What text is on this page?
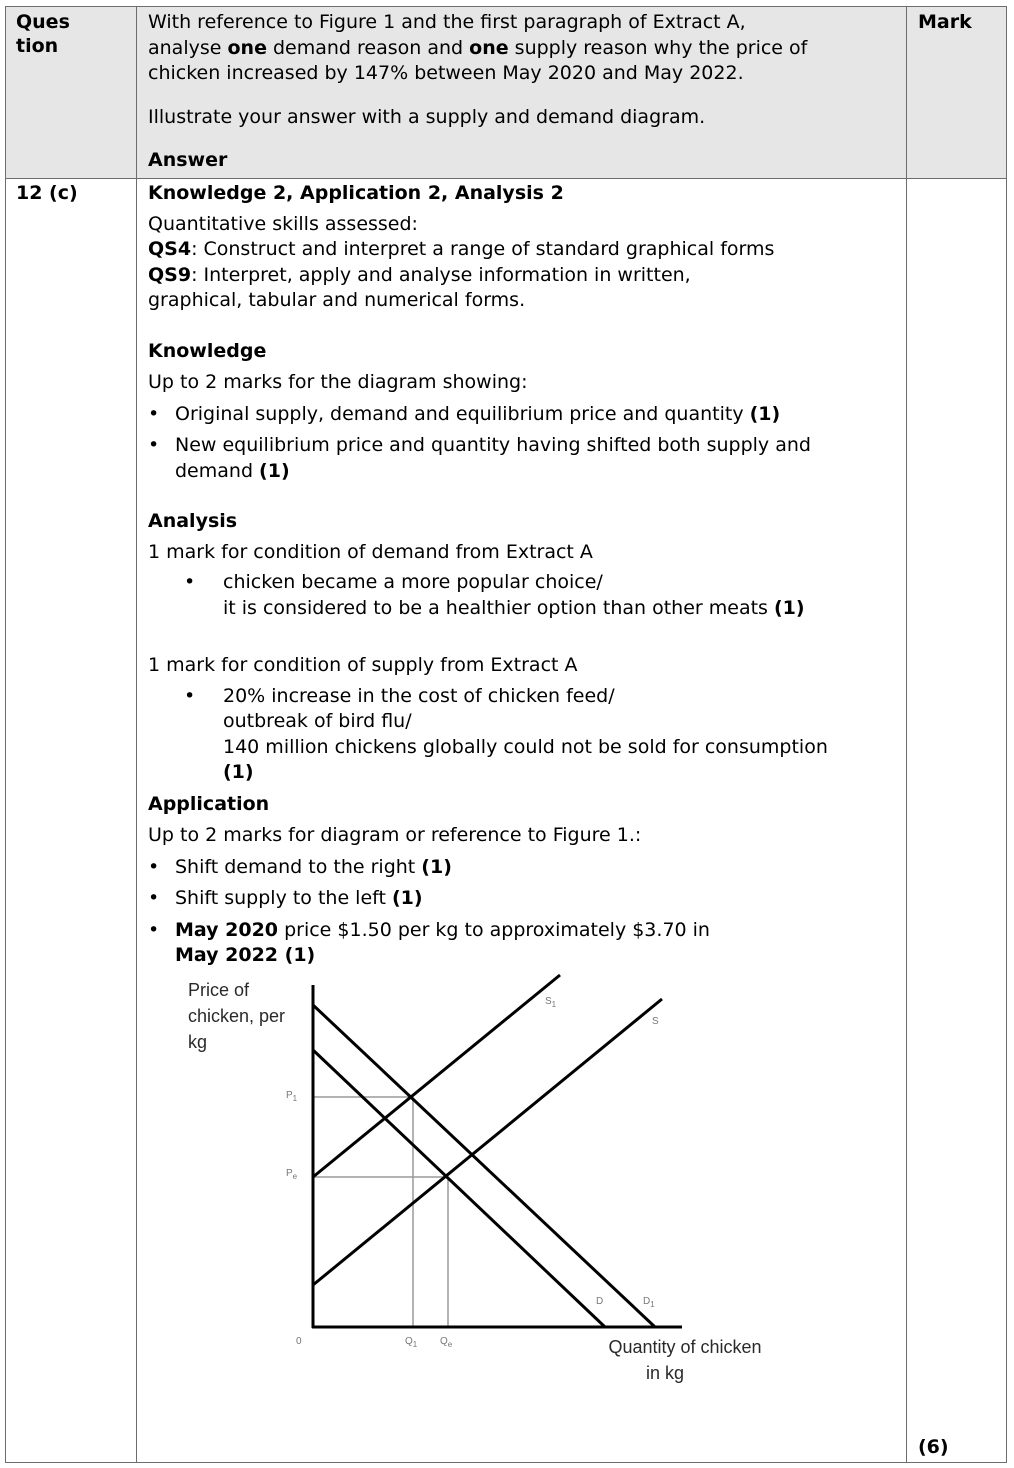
Ques
tion
With reference to Figure 1 and the first paragraph of Extract A,
analyse one demand reason and one supply reason why the price of
chicken increased by 147% between May 2020 and May 2022.
Illustrate your answer with a supply and demand diagram.
Answer
Mark
12 (c)
(6)
Knowledge 2, Application 2, Analysis 2
Quantitative skills assessed:
QS4: Construct and interpret a range of standard graphical forms
QS9: Interpret, apply and analyse information in written,
graphical, tabular and numerical forms.
Knowledge
Up to 2 marks for the diagram showing:
• Original supply, demand and equilibrium price and quantity (1)
• New equilibrium price and quantity having shifted both supply and demand (1)
Analysis
1 mark for condition of demand from Extract A
• chicken became a more popular choice/
it is considered to be a healthier option than other meats (1)
1 mark for condition of supply from Extract A
• 20% increase in the cost of chicken feed/
outbreak of bird flu/
140 million chickens globally could not be sold for consumption
(1)
Application
Up to 2 marks for diagram or reference to Figure 1.:
• Shift demand to the right (1)
• Shift supply to the left (1)
• May 2020 price $1.50 per kg to approximately $3.70 in
May 2022 (1)
Price of
chicken, per
kg
$P_1$
$P_e$
0	$Q_1$ $Q_e$
$S_1$
S
D	$D_1$
Quantity of chicken
in kg
